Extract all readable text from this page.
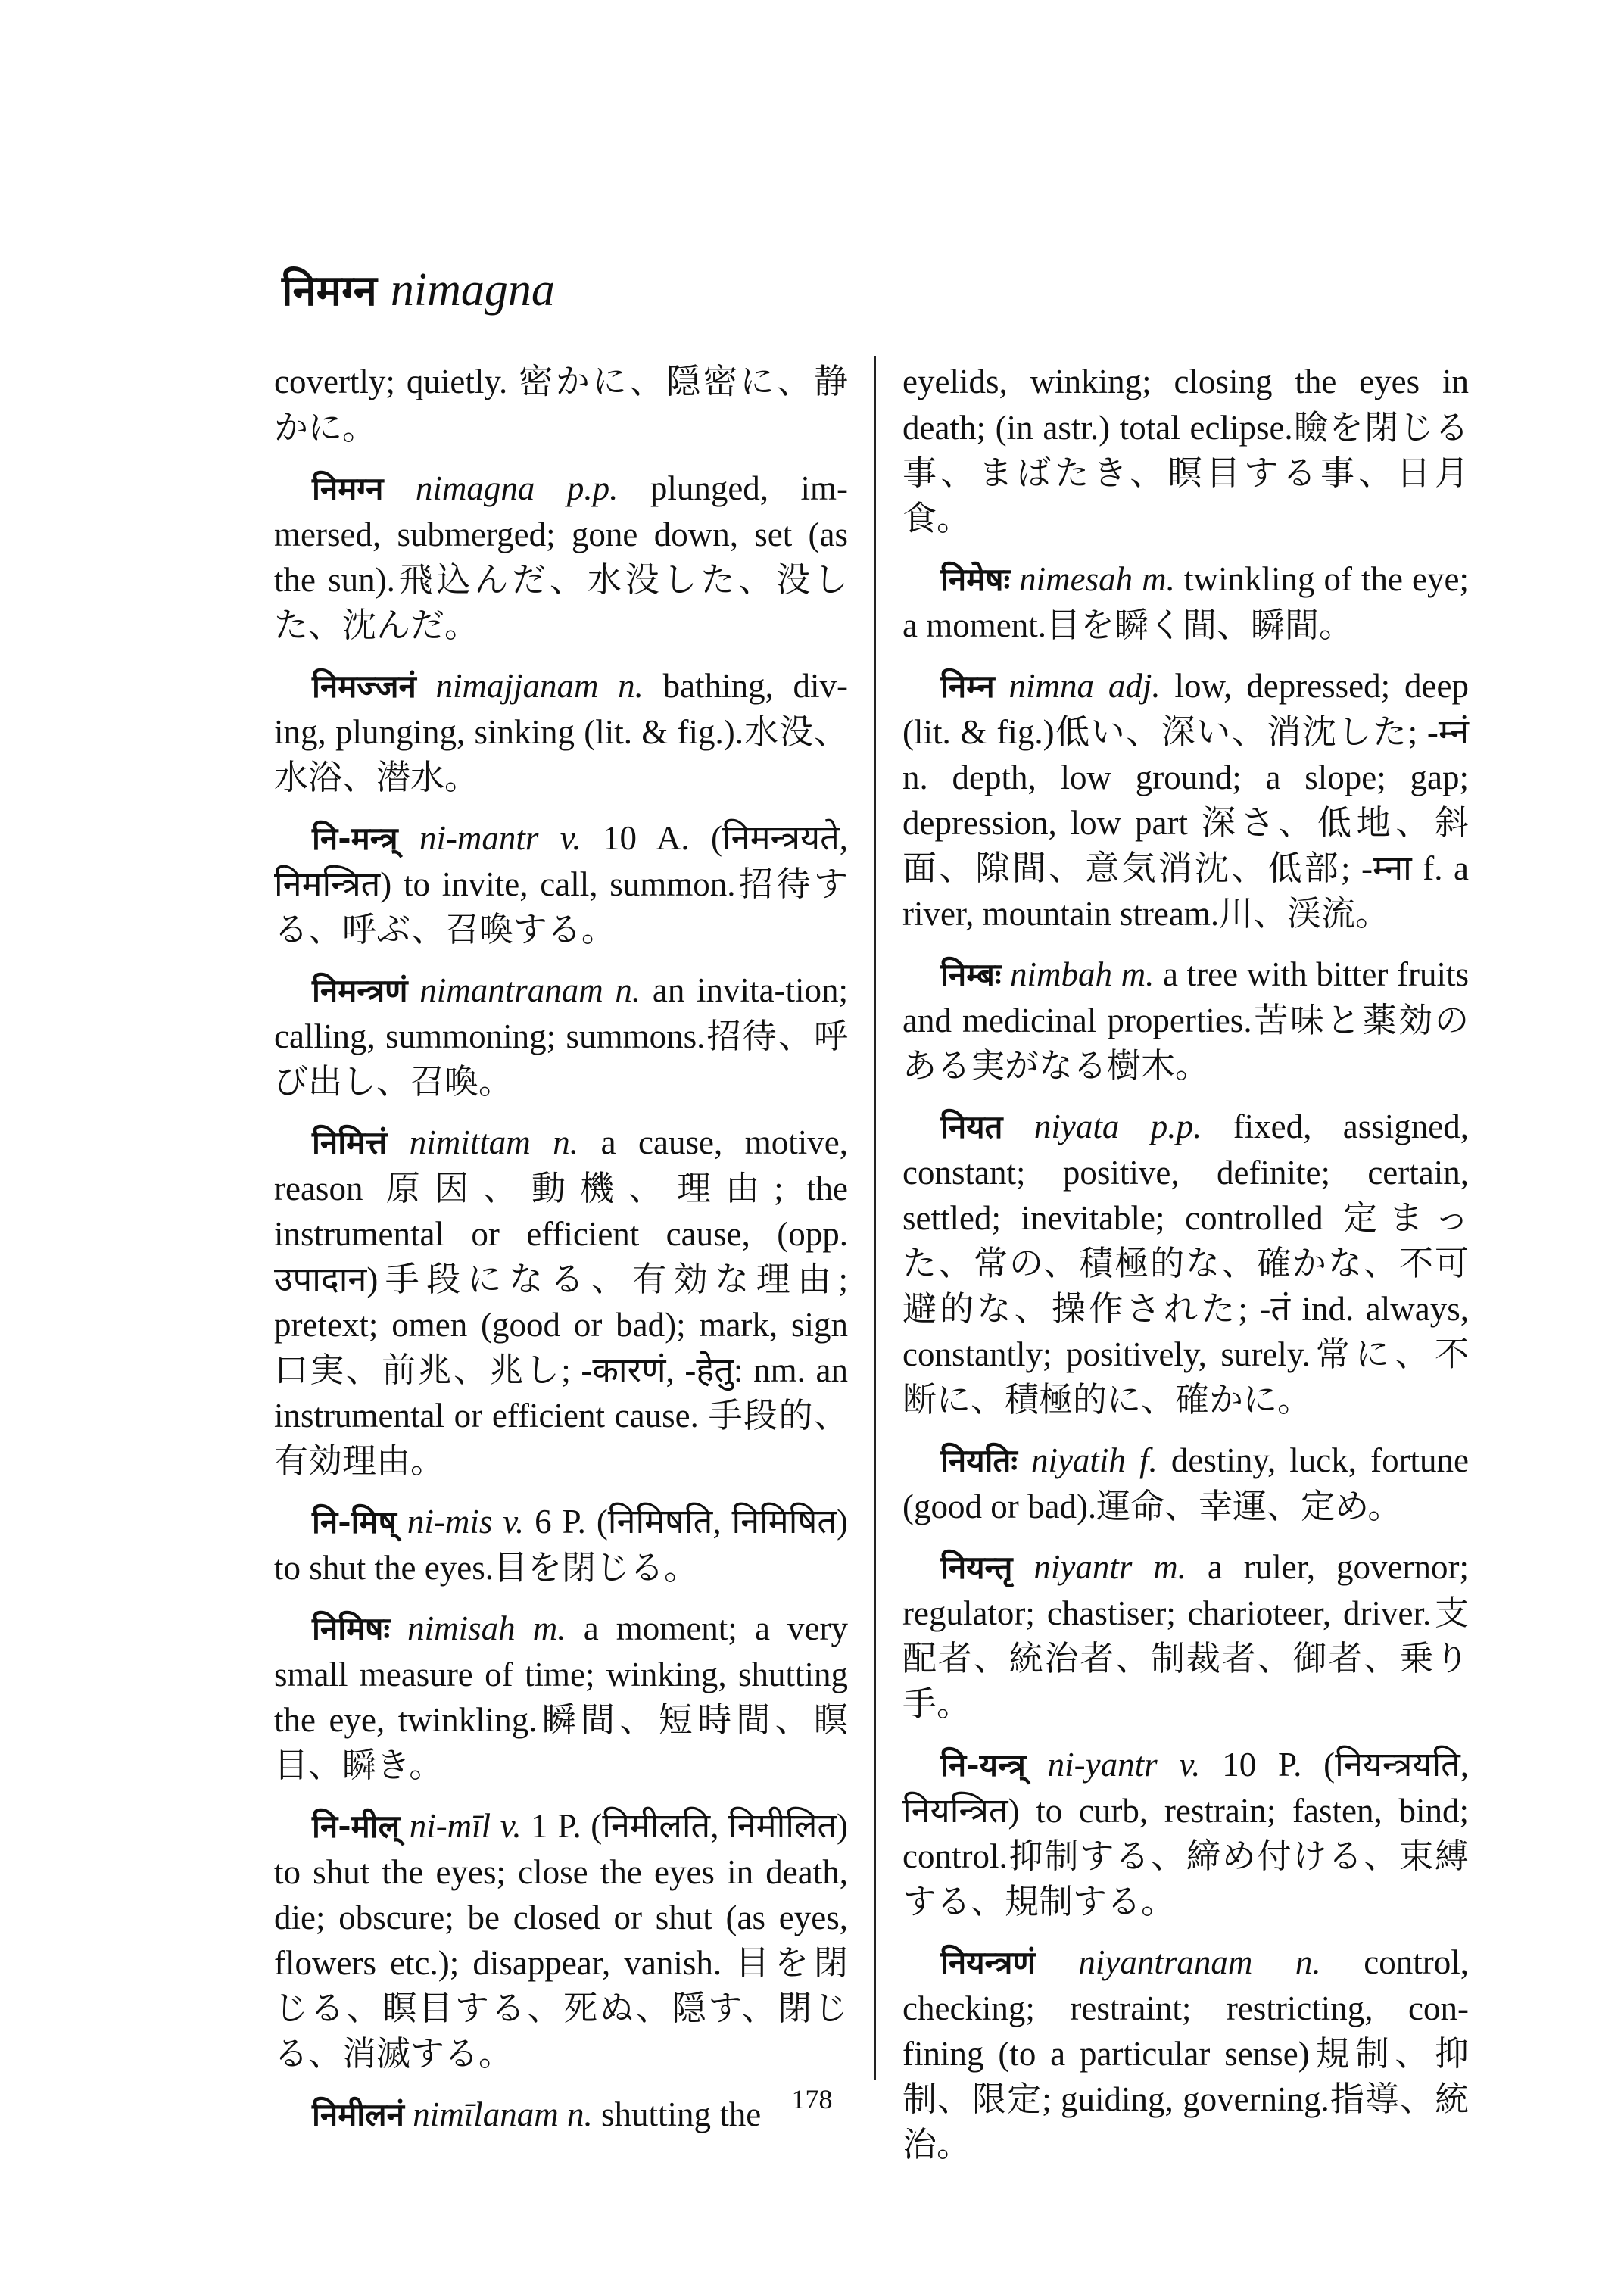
निमग्न nimagna

covertly; quietly. 密かに、隠密に、静かに。

निमग्न nimagna p.p. plunged, im-mersed, submerged; gone down, set (as the sun).飛込んだ、水没した、没した、沈んだ。

निमज्जनं nimajjanam n. bathing, div-ing, plunging, sinking (lit. & fig.).水没、水浴、潜水。

नि-मन्त्र् ni-mantr v. 10 A. (निमन्त्रयते, निमन्त्रित) to invite, call, summon.招待する、呼ぶ、召喚する。

निमन्त्रणं nimantranam n. an invita-tion; calling, summoning; summons.招待、呼び出し、召喚。

निमित्तं nimittam n. a cause, motive, reason 原因、動機、理由; the instrumental or efficient cause, (opp. उपादान)手段になる、有効な理由; pretext; omen (good or bad); mark, sign 口実、前兆、兆し; -कारणं, -हेतु: nm. an instrumental or efficient cause. 手段的、有効理由。

नि-मिष् ni-mis v. 6 P. (निमिषति, निमिषित) to shut the eyes.目を閉じる。

निमिषः nimisah m. a moment; a very small measure of time; winking, shutting the eye, twinkling.瞬間、短時間、瞑目、瞬き。

नि-मील् ni-mīl v. 1 P. (निमीलति, निमीलित) to shut the eyes; close the eyes in death, die; obscure; be closed or shut (as eyes, flowers etc.); disappear, vanish. 目を閉じる、瞑目する、死ぬ、隠す、閉じる、消滅する。

निमीलनं nimīlanam n. shutting the

eyelids, winking; closing the eyes in death; (in astr.) total eclipse.瞼を閉じる事、まばたき、瞑目する事、日月食。

निमेषः nimesah m. twinkling of the eye; a moment.目を瞬く間、瞬間。

निम्न nimna adj. low, depressed; deep (lit. & fig.)低い、深い、消沈した; -म्नं n. depth, low ground; a slope; gap; depression, low part 深さ、低地、斜面、隙間、意気消沈、低部; -म्ना f. a river, mountain stream.川、渓流。

निम्बः nimbah m. a tree with bitter fruits and medicinal properties.苦味と薬効のある実がなる樹木。

नियत niyata p.p. fixed, assigned, constant; positive, definite; certain, settled; inevitable; controlled 定まった、常の、積極的な、確かな、不可避的な、操作された; -तं ind. always, constantly; positively, surely.常に、不断に、積極的に、確かに。

नियतिः niyatih f. destiny, luck, fortune (good or bad).運命、幸運、定め。

नियन्तृ niyantr m. a ruler, governor; regulator; chastiser; charioteer, driver.支配者、統治者、制裁者、御者、乗り手。

नि-यन्त्र् ni-yantr v. 10 P. (नियन्त्रयति, नियन्त्रित) to curb, restrain; fasten, bind; control.抑制する、締め付ける、束縛する、規制する。

नियन्त्रणं niyantranam n. control, checking; restraint; restricting, con-fining (to a particular sense)規制、抑制、限定; guiding, governing.指導、統治。

178
